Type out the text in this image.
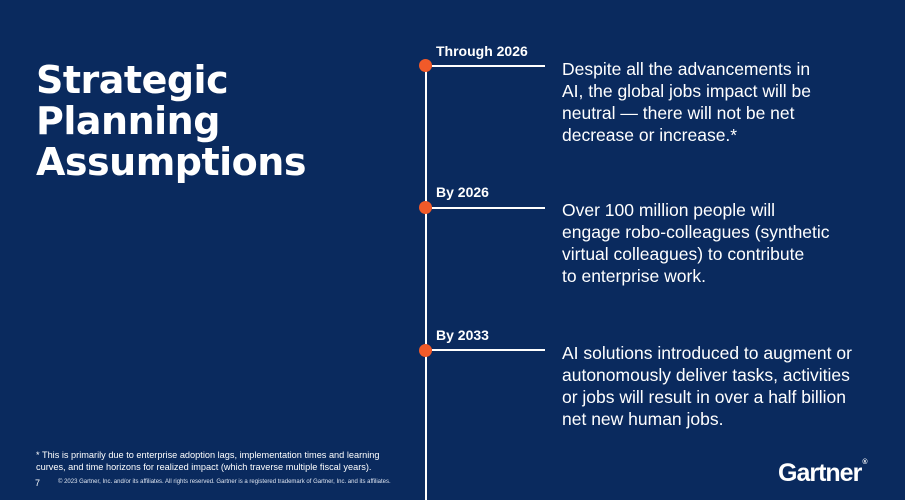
Strategic
Planning
Assumptions
Through 2026
Despite all the advancements in
AI, the global jobs impact will be
neutral — there will not be net
decrease or increase.*
By 2026
Over 100 million people will
engage robo-colleagues (synthetic
virtual colleagues) to contribute
to enterprise work.
By 2033
AI solutions introduced to augment or
autonomously deliver tasks, activities
or jobs will result in over a half billion
net new human jobs.
* This is primarily due to enterprise adoption lags, implementation times and learning
curves, and time horizons for realized impact (which traverse multiple fiscal years).
7	© 2023 Gartner, Inc. and/or its affiliates. All rights reserved. Gartner is a registered trademark of Gartner, Inc. and its affiliates.	Gartner®
